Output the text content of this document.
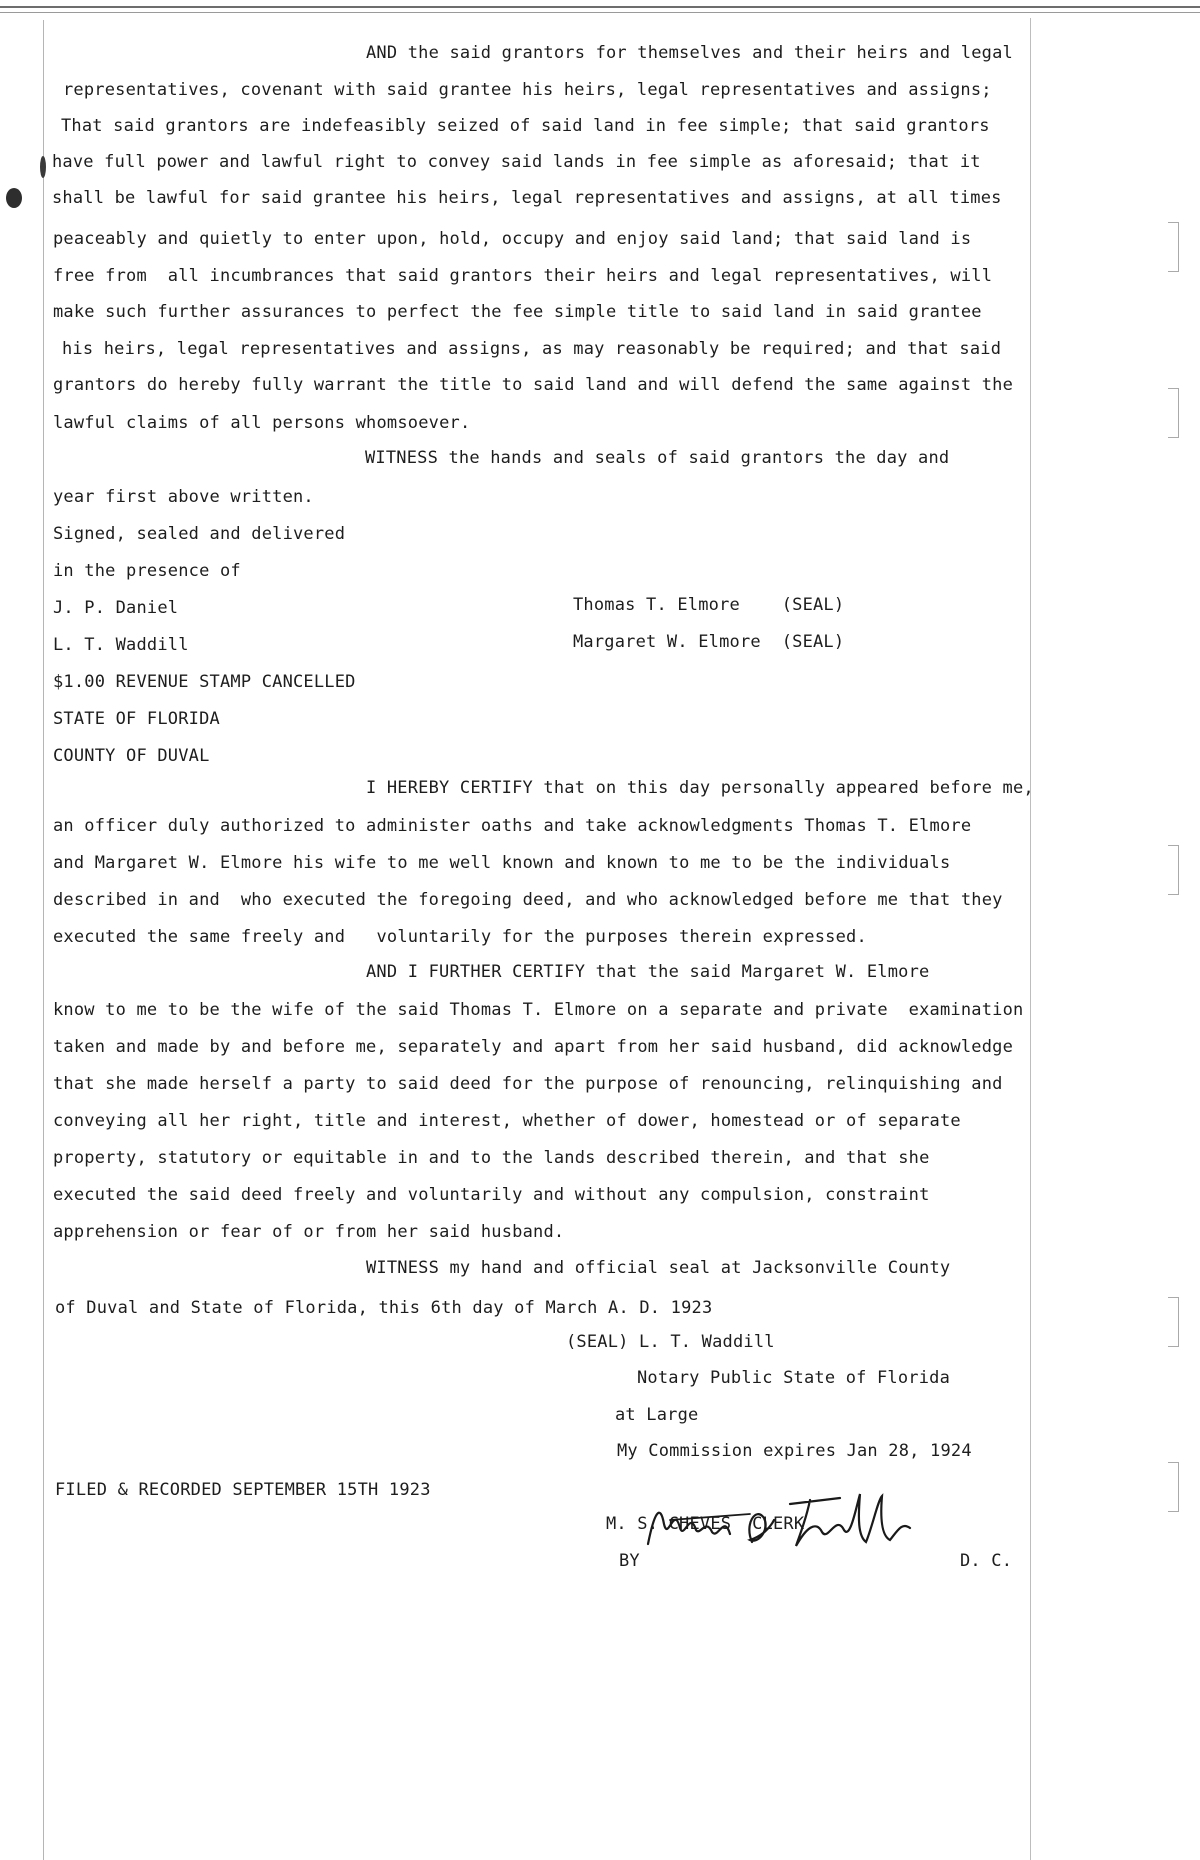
AND the said grantors for themselves and their heirs and legal
representatives, covenant with said grantee his heirs, legal representatives and assigns;
That said grantors are indefeasibly seized of said land in fee simple; that said grantors
have full power and lawful right to convey said lands in fee simple as aforesaid; that it
shall be lawful for said grantee his heirs, legal representatives and assigns, at all times
peaceably and quietly to enter upon, hold, occupy and enjoy said land; that said land is
free from  all incumbrances that said grantors their heirs and legal representatives, will
make such further assurances to perfect the fee simple title to said land in said grantee
his heirs, legal representatives and assigns, as may reasonably be required; and that said
grantors do hereby fully warrant the title to said land and will defend the same against the
lawful claims of all persons whomsoever.
WITNESS the hands and seals of said grantors the day and
year first above written.
Signed, sealed and delivered
in the presence of
J. P. Daniel
L. T. Waddill
Thomas T. Elmore    (SEAL)
Margaret W. Elmore  (SEAL)
$1.00 REVENUE STAMP CANCELLED
STATE OF FLORIDA
COUNTY OF DUVAL
I HEREBY CERTIFY that on this day personally appeared before me,
an officer duly authorized to administer oaths and take acknowledgments Thomas T. Elmore
and Margaret W. Elmore his wife to me well known and known to me to be the individuals
described in and  who executed the foregoing deed, and who acknowledged before me that they
executed the same freely and   voluntarily for the purposes therein expressed.
AND I FURTHER CERTIFY that the said Margaret W. Elmore
know to me to be the wife of the said Thomas T. Elmore on a separate and private  examination
taken and made by and before me, separately and apart from her said husband, did acknowledge
that she made herself a party to said deed for the purpose of renouncing, relinquishing and
conveying all her right, title and interest, whether of dower, homestead or of separate
property, statutory or equitable in and to the lands described therein, and that she
executed the said deed freely and voluntarily and without any compulsion, constraint
apprehension or fear of or from her said husband.
WITNESS my hand and official seal at Jacksonville County
of Duval and State of Florida, this 6th day of March A. D. 1923
(SEAL) L. T. Waddill
Notary Public State of Florida
at Large
My Commission expires Jan 28, 1924
FILED & RECORDED SEPTEMBER 15TH 1923
M. S. CHEVES  CLERK
BY	D. C.
